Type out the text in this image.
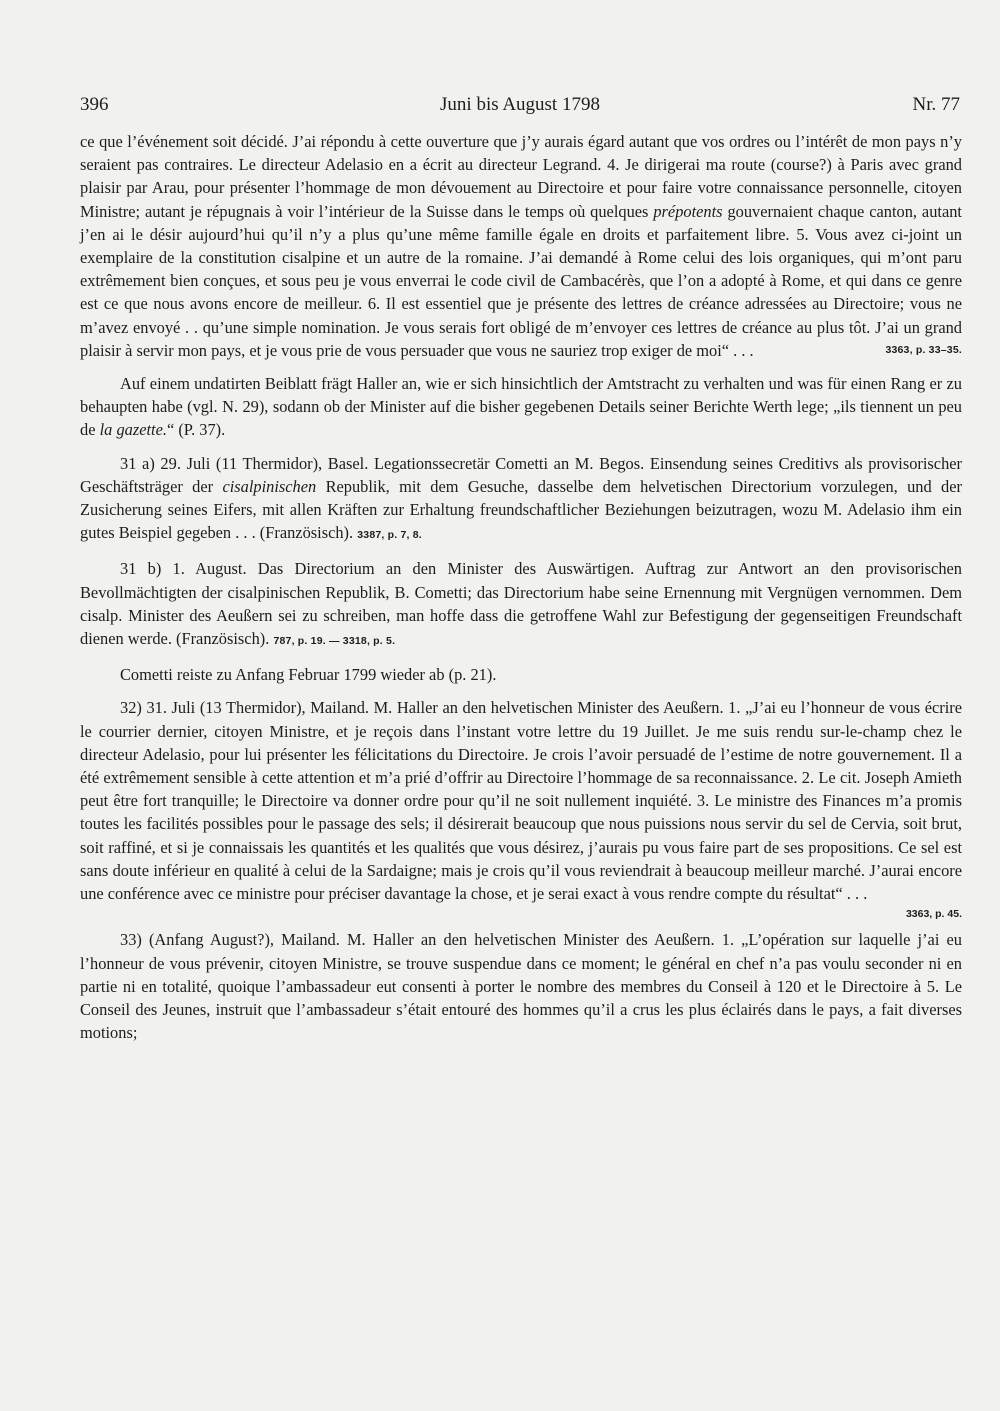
396	Juni bis August 1798	Nr. 77

ce que l’événement soit décidé. J’ai répondu à cette ouverture que j’y aurais égard autant que vos ordres ou l’intérêt de mon pays n’y seraient pas contraires. Le directeur Adelasio en a écrit au directeur Legrand. 4. Je dirigerai ma route (course?) à Paris avec grand plaisir par Arau, pour présenter l’hommage de mon dévouement au Directoire et pour faire votre connaissance personnelle, citoyen Ministre; autant je répugnais à voir l’intérieur de la Suisse dans le temps où quelques prépotents gouvernaient chaque canton, autant j’en ai le désir aujourd’hui qu’il n’y a plus qu’une même famille égale en droits et parfaitement libre. 5. Vous avez ci-joint un exemplaire de la constitution cisalpine et un autre de la romaine. J’ai demandé à Rome celui des lois organiques, qui m’ont paru extrêmement bien conçues, et sous peu je vous enverrai le code civil de Cambacérès, que l’on a adopté à Rome, et qui dans ce genre est ce que nous avons encore de meilleur. 6. Il est essentiel que je présente des lettres de créance adressées au Directoire; vous ne m’avez envoyé . . qu’une simple nomination. Je vous serais fort obligé de m’envoyer ces lettres de créance au plus tôt. J’ai un grand plaisir à servir mon pays, et je vous prie de vous persuader que vous ne sauriez trop exiger de moi“ . . .	3363, p. 33–35.

Auf einem undatirten Beiblatt frägt Haller an, wie er sich hinsichtlich der Amtstracht zu verhalten und was für einen Rang er zu behaupten habe (vgl. N. 29), sodann ob der Minister auf die bisher gegebenen Details seiner Berichte Werth lege; „ils tiennent un peu de la gazette.“ (P. 37).

31 a) 29. Juli (11 Thermidor), Basel. Legationssecretär Cometti an M. Begos. Einsendung seines Creditivs als provisorischer Geschäftsträger der cisalpinischen Republik, mit dem Gesuche, dasselbe dem helvetischen Directorium vorzulegen, und der Zusicherung seines Eifers, mit allen Kräften zur Erhaltung freundschaftlicher Beziehungen beizutragen, wozu M. Adelasio ihm ein gutes Beispiel gegeben . . . (Französisch). 3387, p. 7, 8.

31 b) 1. August. Das Directorium an den Minister des Auswärtigen. Auftrag zur Antwort an den provisorischen Bevollmächtigten der cisalpinischen Republik, B. Cometti; das Directorium habe seine Ernennung mit Vergnügen vernommen. Dem cisalp. Minister des Aeußern sei zu schreiben, man hoffe dass die getroffene Wahl zur Befestigung der gegenseitigen Freundschaft dienen werde. (Französisch). 787, p. 19. — 3318, p. 5.

Cometti reiste zu Anfang Februar 1799 wieder ab (p. 21).

32) 31. Juli (13 Thermidor), Mailand. M. Haller an den helvetischen Minister des Aeußern. 1. „J’ai eu l’honneur de vous écrire le courrier dernier, citoyen Ministre, et je reçois dans l’instant votre lettre du 19 Juillet. Je me suis rendu sur-le-champ chez le directeur Adelasio, pour lui présenter les félicitations du Directoire. Je crois l’avoir persuadé de l’estime de notre gouvernement. Il a été extrêmement sensible à cette attention et m’a prié d’offrir au Directoire l’hommage de sa reconnaissance. 2. Le cit. Joseph Amieth peut être fort tranquille; le Directoire va donner ordre pour qu’il ne soit nullement inquiété. 3. Le ministre des Finances m’a promis toutes les facilités possibles pour le passage des sels; il désirerait beaucoup que nous puissions nous servir du sel de Cervia, soit brut, soit raffiné, et si je connaissais les quantités et les qualités que vous désirez, j’aurais pu vous faire part de ses propositions. Ce sel est sans doute inférieur en qualité à celui de la Sardaigne; mais je crois qu’il vous reviendrait à beaucoup meilleur marché. J’aurai encore une conférence avec ce ministre pour préciser davantage la chose, et je serai exact à vous rendre compte du résultat“ . . .

3363, p. 45.

33) (Anfang August?), Mailand. M. Haller an den helvetischen Minister des Aeußern. 1. „L’opération sur laquelle j’ai eu l’honneur de vous prévenir, citoyen Ministre, se trouve suspendue dans ce moment; le général en chef n’a pas voulu seconder ni en partie ni en totalité, quoique l’ambassadeur eut consenti à porter le nombre des membres du Conseil à 120 et le Directoire à 5. Le Conseil des Jeunes, instruit que l’ambassadeur s’était entouré des hommes qu’il a crus les plus éclairés dans le pays, a fait diverses motions;
